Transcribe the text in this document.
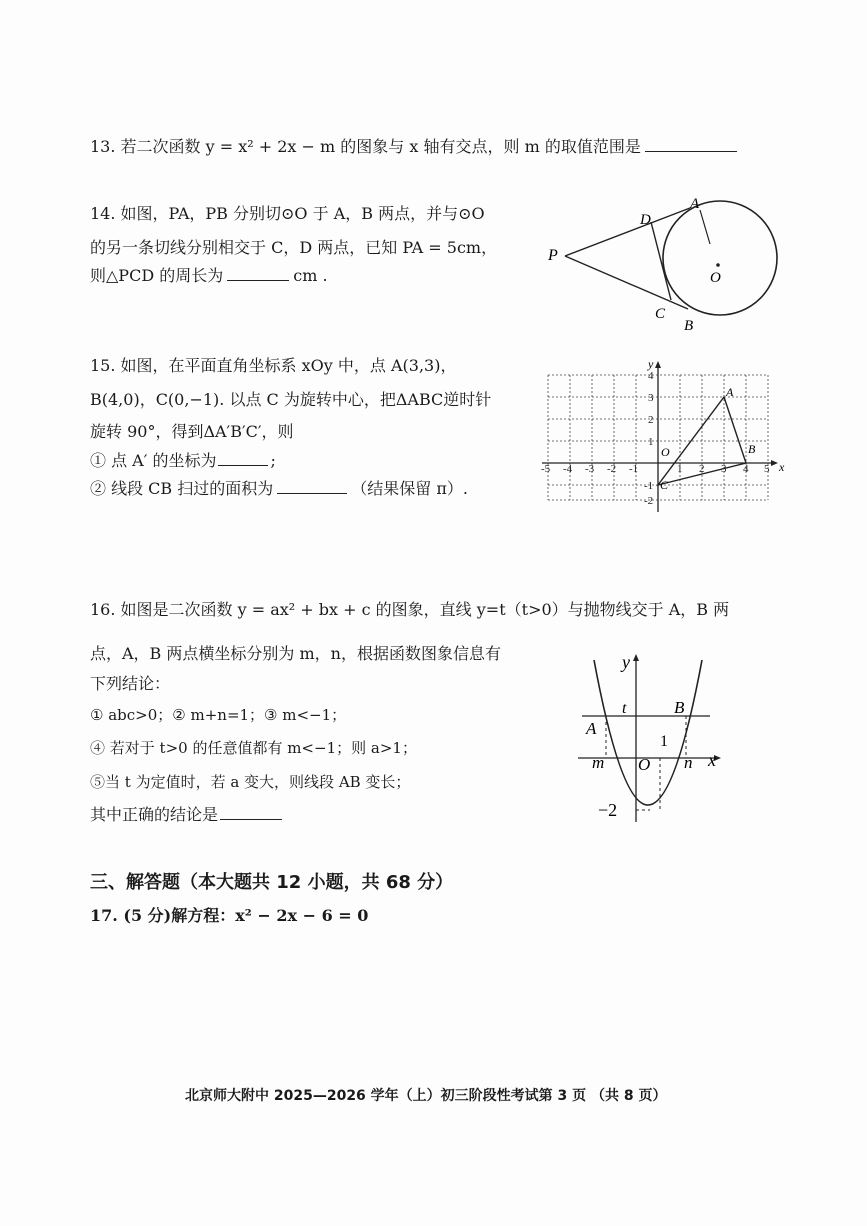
13. 若二次函数 y = x² + 2x − m 的图象与 x 轴有交点，则 m 的取值范围是
14. 如图，PA，PB 分别切⊙O 于 A，B 两点，并与⊙O
的另一条切线分别相交于 C，D 两点，已知 PA = 5cm，
则△PCD 的周长为	cm .
P
A
D
C
B
O
15. 如图，在平面直角坐标系 xOy 中，点 A(3,3)，
B(4,0)，C(0,−1). 以点 C 为旋转中心，把ΔABC逆时针
旋转 90°，得到ΔA′B′C′，则
① 点 A′ 的坐标为	;
② 线段 CB 扫过的面积为	（结果保留 π）.
-5 -4 -3 -2 -1	1 2 3 4 5
4
3
2
1
-1
-2
x
y
A
B
C
O
16. 如图是二次函数 y = ax² + bx + c 的图象，直线 y=t（t>0）与抛物线交于 A，B 两
点，A，B 两点横坐标分别为 m，n，根据函数图象信息有
下列结论：
① abc>0；② m+n=1；③ m<−1；
④ 若对于 t>0 的任意值都有 m<−1；则 a>1；
⑤当 t 为定值时，若 a 变大，则线段 AB 变长；
其中正确的结论是
y
x
t
A
B
m O n
1
−2
三、解答题（本大题共 12 小题，共 68 分）
17. (5 分)解方程：x² − 2x − 6 = 0
北京师大附中 2025—2026 学年（上）初三阶段性考试第 3 页 （共 8 页）
